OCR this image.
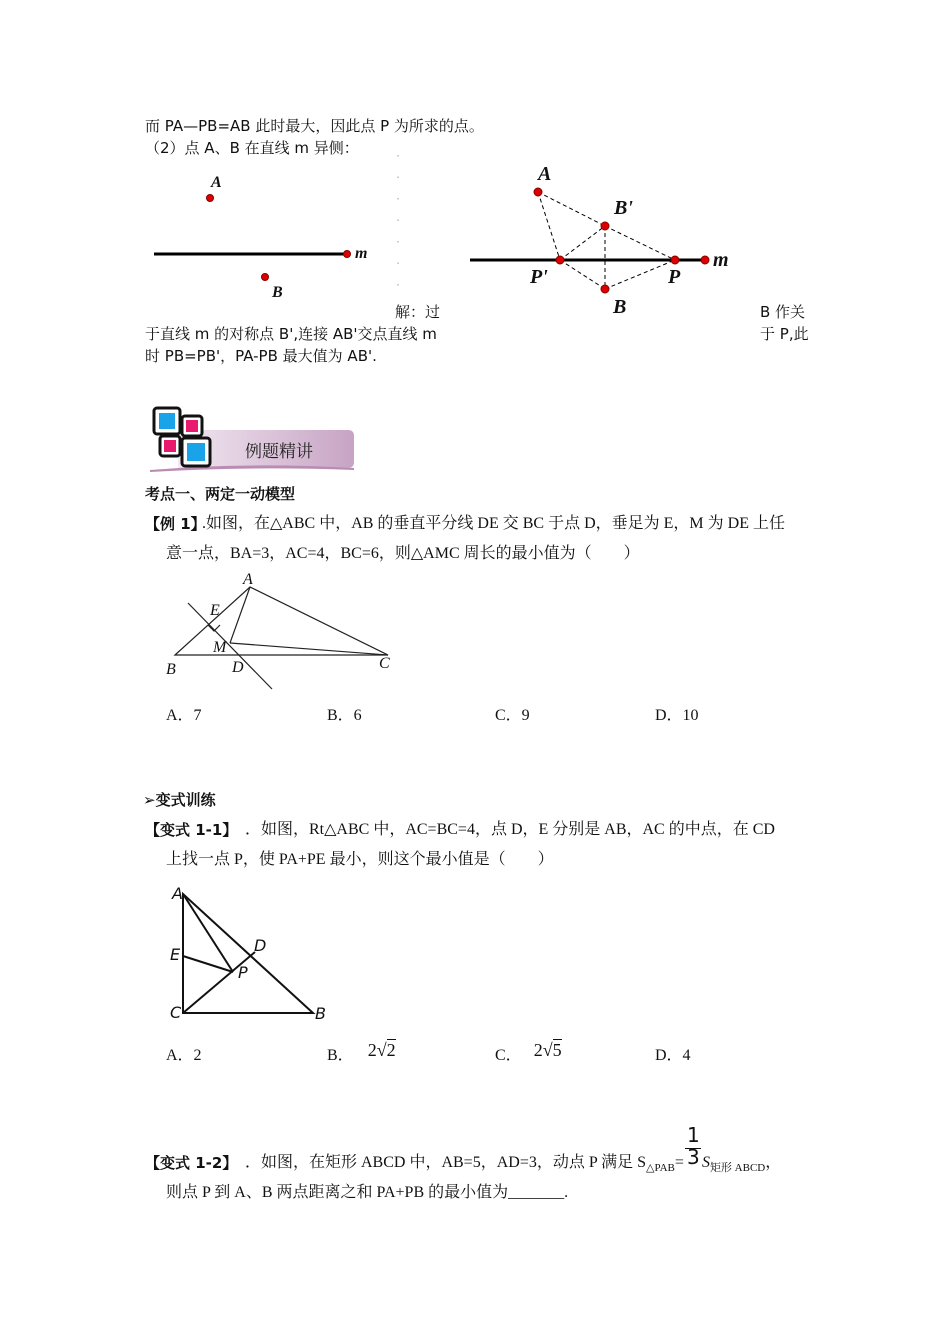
而 PA—PB=AB 此时最大，因此点 P 为所求的点。
（2）点 A、B 在直线 m 异侧：
A
B
m
A
B'
P'	P
B
m
解：过	B 作关
于直线 m 的对称点 B',连接 AB'交点直线 m	于 P,此
时 PB=PB'，PA-PB 最大值为 AB'.
例题精讲
考点一、两定一动模型
【例 1】
.如图，在△ABC 中，AB 的垂直平分线 DE 交 BC 于点 D，垂足为 E，M 为 DE 上任
意一点，BA=3，AC=4，BC=6，则△AMC 周长的最小值为（　　）
A
E
M
B	D	C
A．7	B．6	C．9	D．10
➢变式训练
【变式 1-1】 ．如图，Rt△ABC 中，AC=BC=4，点 D，E 分别是 AB，AC 的中点，在 CD
上找一点 P，使 PA+PE 最小，则这个最小值是（　　）
A
E
C
D
P
B
A．2	B． 2√2	C． 2√5	D．4
【变式 1-2】 ．如图，在矩形 ABCD 中，AB=5，AD=3，动点 P 满足 $S_{\triangle PAB}= \frac{1}{3} S_{矩形 ABCD}$，
则点 P 到 A、B 两点距离之和 PA+PB 的最小值为_______.
